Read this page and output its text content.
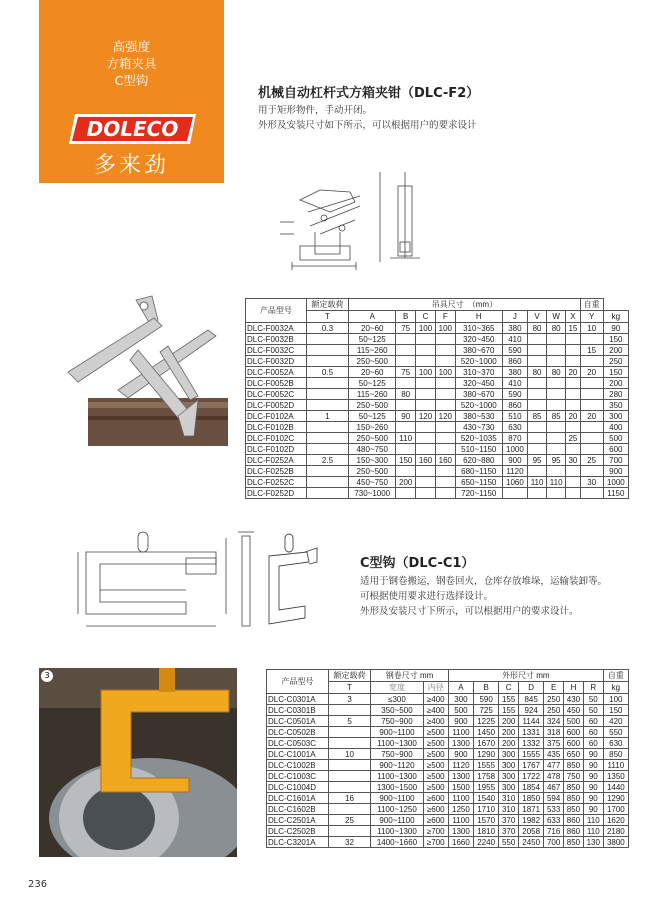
高强度
方箱夹具
C型钩
DOLECO
多来劲
机械自动杠杆式方箱夹钳（DLC-F2）
用于矩形物件，手动开闭。
外形及安装尺寸如下所示，可以根据用户的要求设计
产品型号	额定载荷	吊具尺寸　（mm）									自重	
	T	A	B	C	F	H	J	V	W	X	Y	kg
DLC-F0032A	0.3	20~60	75	100	100	310~365	380	80	80	15	10	90
DLC-F0032B		50~125				320~450	410					150
DLC-F0032C		115~260				380~670	590				15	200
DLC-F0032D		250~500				520~1000	860					250
DLC-F0052A	0.5	20~60	75	100	100	310~370	380	80	80	20	20	150
DLC-F0052B		50~125				320~450	410					200
DLC-F0052C		115~260	80			380~670	590					280
DLC-F0052D		250~500				520~1000	860					350
DLC-F0102A	1	50~125	90	120	120	380~530	510	85	85	20	20	300
DLC-F0102B		150~260				430~730	630					400
DLC-F0102C		250~500	110			520~1035	870			25		500
DLC-F0102D		480~750				510~1150	1000					600
DLC-F0252A	2.5	150~300	150	160	160	620~880	900	95	95	30	25	700
DLC-F0252B		250~500				680~1150	1120					900
DLC-F0252C		450~750	200			650~1150	1060	110	110		30	1000
DLC-F0252D		730~1000				720~1150						1150
C型钩（DLC-C1）
适用于钢卷搬运，钢卷回火，仓库存放堆垛，运输装卸等。
可根据使用要求进行选择设计。
外形及安装尺寸下所示，可以根据用户的要求设计。
3
产品型号	额定载荷	钢卷尺寸 mm		外形尺寸 mm							自重
	T	宽度	内径	A	B	C	D	E	H	R	kg
DLC-C0301A	3	≤300	≥400	300	590	155	845	250	430	50	100
DLC-C0301B		350~500	≥400	500	725	155	924	250	450	50	150
DLC-C0501A	5	750~900	≥400	900	1225	200	1144	324	500	60	420
DLC-C0502B		900~1100	≥500	1100	1450	200	1331	318	600	60	550
DLC-C0503C		1100~1300	≥500	1300	1670	200	1332	375	600	60	630
DLC-C1001A	10	750~900	≥500	900	1290	300	1555	435	650	90	850
DLC-C1002B		900~1120	≥500	1120	1555	300	1767	477	850	90	1110
DLC-C1003C		1100~1300	≥500	1300	1758	300	1722	478	750	90	1350
DLC-C1004D		1300~1500	≥500	1500	1955	300	1854	467	850	90	1440
DLC-C1601A	16	900~1100	≥600	1100	1540	310	1850	594	850	90	1290
DLC-C1602B		1100~1250	≥600	1250	1710	310	1871	533	850	90	1700
DLC-C2501A	25	900~1100	≥600	1100	1570	370	1982	633	860	110	1620
DLC-C2502B		1100~1300	≥700	1300	1810	370	2058	716	860	110	2180
DLC-C3201A	32	1400~1660	≥700	1660	2240	550	2450	700	850	130	3800
236
